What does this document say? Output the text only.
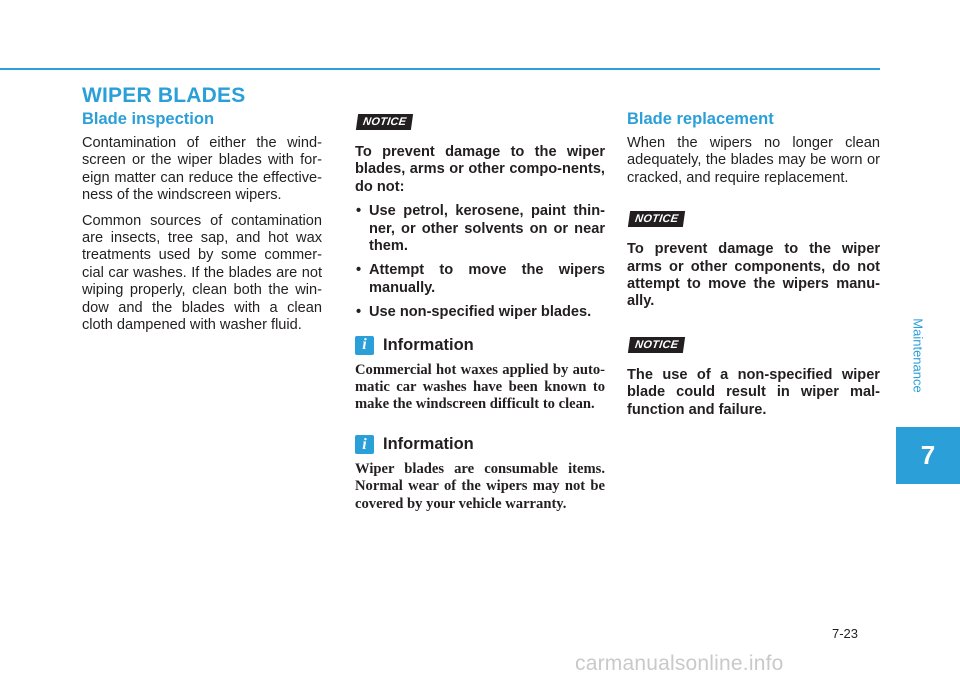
WIPER BLADES
Blade inspection

Contamination of either the wind-screen or the wiper blades with for-eign matter can reduce the effective-ness of the windscreen wipers.

Common sources of contamination are insects, tree sap, and hot wax treatments used by some commer-cial car washes. If the blades are not wiping properly, clean both the win-dow and the blades with a clean cloth dampened with washer fluid.

NOTICE

To prevent damage to the wiper blades, arms or other compo-nents, do not:

• Use petrol, kerosene, paint thin-ner, or other solvents on or near them.
• Attempt to move the wipers manually.
• Use non-specified wiper blades.
i Information

Commercial hot waxes applied by auto-matic car washes have been known to make the windscreen difficult to clean.

i Information

Wiper blades are consumable items. Normal wear of the wipers may not be covered by your vehicle warranty.

Blade replacement

When the wipers no longer clean adequately, the blades may be worn or cracked, and require replacement.

NOTICE

To prevent damage to the wiper arms or other components, do not attempt to move the wipers manu-ally.

NOTICE

The use of a non-specified wiper blade could result in wiper mal-function and failure.

Maintenance
7
7-23
carmanualsonline.info
